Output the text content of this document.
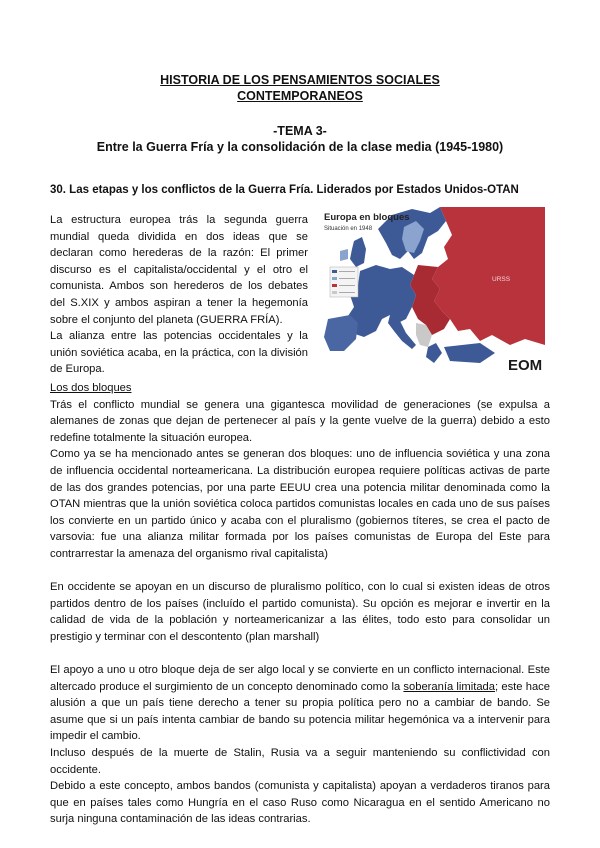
HISTORIA DE LOS PENSAMIENTOS SOCIALES
CONTEMPORANEOS
-TEMA 3-
Entre la Guerra Fría y la consolidación de la clase media (1945-1980)
30. Las etapas y los conflictos de la Guerra Fría. Liderados por Estados Unidos-OTAN

La estructura europea trás la segunda guerra mundial queda dividida en dos ideas que se declaran como herederas de la razón: El primer discurso es el capitalista/occidental y el otro el comunista. Ambos son herederos de los debates del S.XIX y ambos aspiran a tener la hegemonía sobre el conjunto del planeta (GUERRA FRÍA).

La alianza entre las potencias occidentales y la unión soviética acaba, en la práctica, con la división de Europa.

Europa en bloques
Situación en 1948
URSS
EOM

Los dos bloques

Trás el conflicto mundial se genera una gigantesca movilidad de generaciones (se expulsa a alemanes de zonas que dejan de pertenecer al país y la gente vuelve de la guerra) debido a esto redefine totalmente la situación europea.

Como ya se ha mencionado antes se generan dos bloques: uno de influencia soviética y una zona de influencia occidental norteamericana. La distribución europea requiere políticas activas de parte de las dos grandes potencias, por una parte EEUU crea una potencia militar denominada como la OTAN mientras que la unión soviética coloca partidos comunistas locales en cada uno de sus países los convierte en un partido único y acaba con el pluralismo (gobiernos títeres, se crea el pacto de varsovia: fue una alianza militar formada por los países comunistas de Europa del Este para contrarrestar la amenaza del organismo rival capitalista)

En occidente se apoyan en un discurso de pluralismo político, con lo cual si existen ideas de otros partidos dentro de los países (incluído el partido comunista). Su opción es mejorar e invertir en la calidad de vida de la población y norteamericanizar a las élites, todo esto para consolidar un prestigio y terminar con el descontento (plan marshall)

El apoyo a uno u otro bloque deja de ser algo local y se convierte en un conflicto internacional. Este altercado produce el surgimiento de un concepto denominado como la soberanía limitada; este hace alusión a que un país tiene derecho a tener su propia política pero no a cambiar de bando. Se asume que si un país intenta cambiar de bando su potencia militar hegemónica va a intervenir para impedir el cambio.

Incluso después de la muerte de Stalin, Rusia va a seguir manteniendo su conflictividad con occidente.

Debido a este concepto, ambos bandos (comunista y capitalista) apoyan a verdaderos tiranos para que en países tales como Hungría en el caso Ruso como Nicaragua en el sentido Americano no surja ninguna contaminación de las ideas contrarias.
